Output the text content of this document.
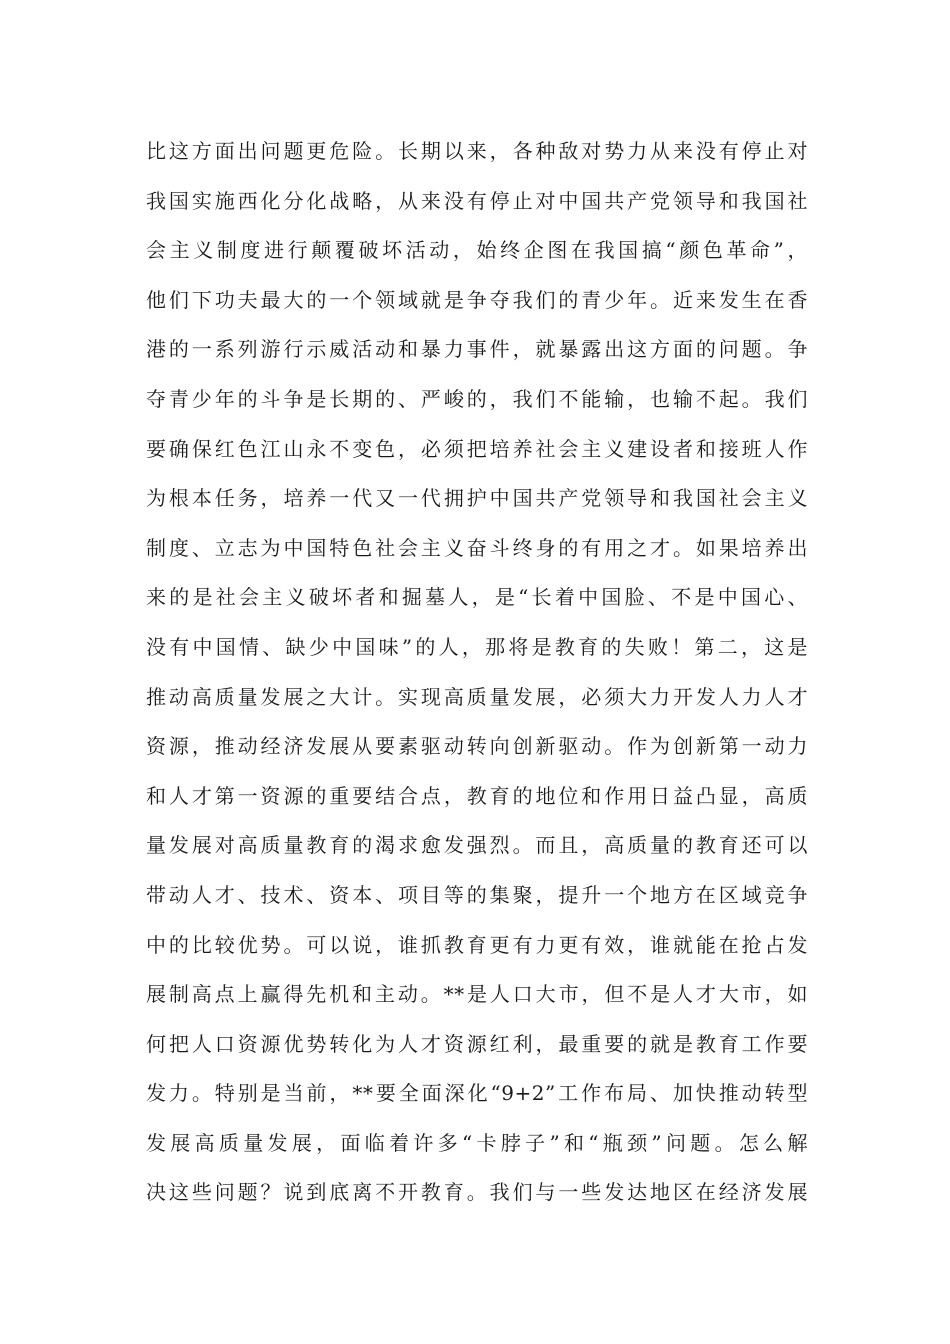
比这方面出问题更危险。长期以来，各种敌对势力从来没有停止对
我国实施西化分化战略，从来没有停止对中国共产党领导和我国社
会主义制度进行颠覆破坏活动，始终企图在我国搞“颜色革命”，
他们下功夫最大的一个领域就是争夺我们的青少年。近来发生在香
港的一系列游行示威活动和暴力事件，就暴露出这方面的问题。争
夺青少年的斗争是长期的、严峻的，我们不能输，也输不起。我们
要确保红色江山永不变色，必须把培养社会主义建设者和接班人作
为根本任务，培养一代又一代拥护中国共产党领导和我国社会主义
制度、立志为中国特色社会主义奋斗终身的有用之才。如果培养出
来的是社会主义破坏者和掘墓人，是“长着中国脸、不是中国心、
没有中国情、缺少中国味”的人，那将是教育的失败！第二，这是
推动高质量发展之大计。实现高质量发展，必须大力开发人力人才
资源，推动经济发展从要素驱动转向创新驱动。作为创新第一动力
和人才第一资源的重要结合点，教育的地位和作用日益凸显，高质
量发展对高质量教育的渴求愈发强烈。而且，高质量的教育还可以
带动人才、技术、资本、项目等的集聚，提升一个地方在区域竞争
中的比较优势。可以说，谁抓教育更有力更有效，谁就能在抢占发
展制高点上赢得先机和主动。**是人口大市，但不是人才大市，如
何把人口资源优势转化为人才资源红利，最重要的就是教育工作要
发力。特别是当前，**要全面深化“9+2”工作布局、加快推动转型
发展高质量发展，面临着许多“卡脖子”和“瓶颈”问题。怎么解
决这些问题？说到底离不开教育。我们与一些发达地区在经济发展
